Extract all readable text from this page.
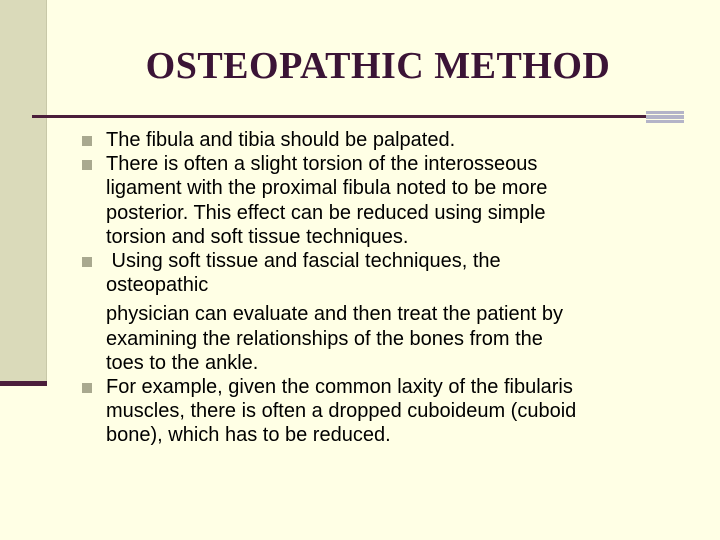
OSTEOPATHIC METHOD
The fibula and tibia should be palpated.
There is often a slight torsion of the interosseous
ligament with the proximal fibula noted to be more
posterior. This effect can be reduced using simple
torsion and soft tissue techniques.
Using soft tissue and fascial techniques, the
osteopathic
physician can evaluate and then treat the patient by
examining the relationships of the bones from the
toes to the ankle.
For example, given the common laxity of the fibularis
muscles, there is often a dropped cuboideum (cuboid
bone), which has to be reduced.
